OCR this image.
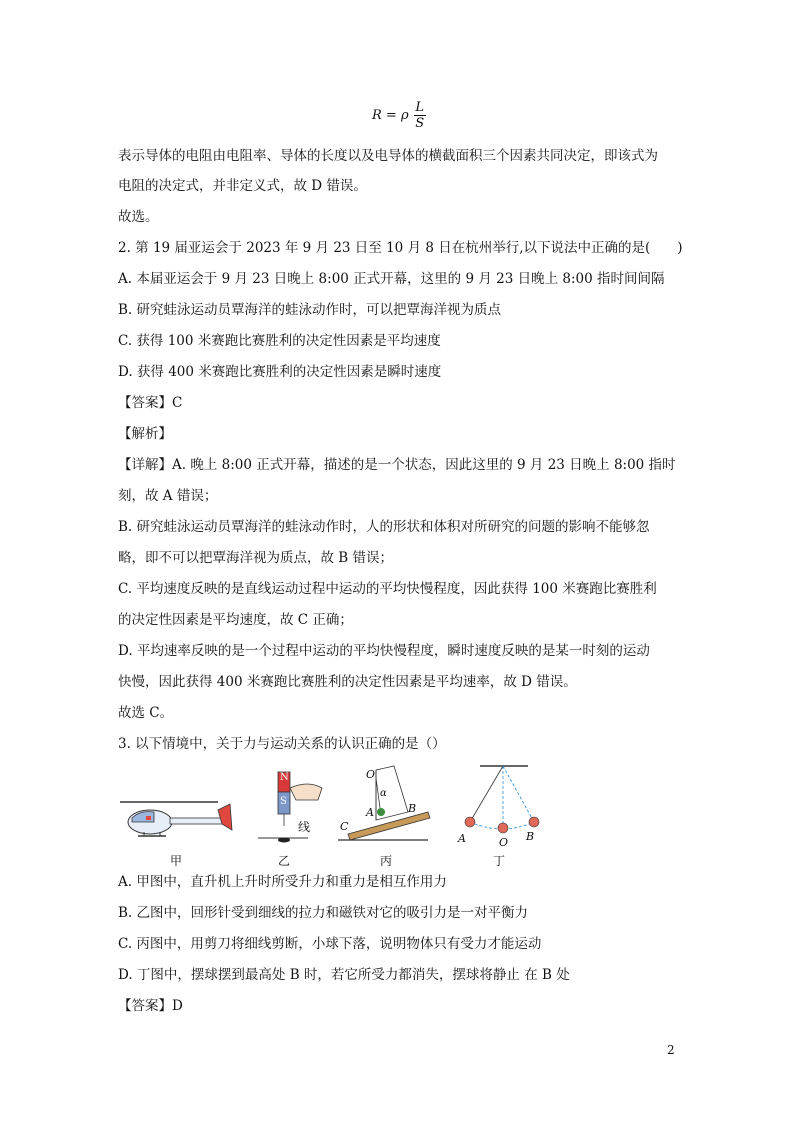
R = ρ $\frac{L}{S}$
表示导体的电阻由电阻率、导体的长度以及电导体的横截面积三个因素共同决定，即该式为
电阻的决定式，并非定义式，故 D 错误。
故选。
2. 第 19 届亚运会于 2023 年 9 月 23 日至 10 月 8 日在杭州举行,以下说法中正确的是(　　)
A. 本届亚运会于 9 月 23 日晚上 8:00 正式开幕，这里的 9 月 23 日晚上 8:00 指时间间隔
B. 研究蛙泳运动员覃海洋的蛙泳动作时，可以把覃海洋视为质点
C. 获得 100 米赛跑比赛胜利的决定性因素是平均速度
D. 获得 400 米赛跑比赛胜利的决定性因素是瞬时速度
【答案】C
【解析】
【详解】A. 晚上 8:00 正式开幕，描述的是一个状态，因此这里的 9 月 23 日晚上 8:00 指时
刻，故 A 错误；
B. 研究蛙泳运动员覃海洋的蛙泳动作时，人的形状和体积对所研究的问题的影响不能够忽
略，即不可以把覃海洋视为质点，故 B 错误；
C. 平均速度反映的是直线运动过程中运动的平均快慢程度，因此获得 100 米赛跑比赛胜利
的决定性因素是平均速度，故 C 正确；
D. 平均速率反映的是一个过程中运动的平均快慢程度，瞬时速度反映的是某一时刻的运动
快慢，因此获得 400 米赛跑比赛胜利的决定性因素是平均速率，故 D 错误。
故选 C。
3. 以下情境中，关于力与运动关系的认识正确的是（）
N
S
线
O
α
A	B
C
A	O B
甲	乙	丙	丁
A. 甲图中，直升机上升时所受升力和重力是相互作用力
B. 乙图中，回形针受到细线的拉力和磁铁对它的吸引力是一对平衡力
C. 丙图中，用剪刀将细线剪断，小球下落，说明物体只有受力才能运动
D. 丁图中，摆球摆到最高处 B 时，若它所受力都消失，摆球将静止 在 B 处
【答案】D
2
